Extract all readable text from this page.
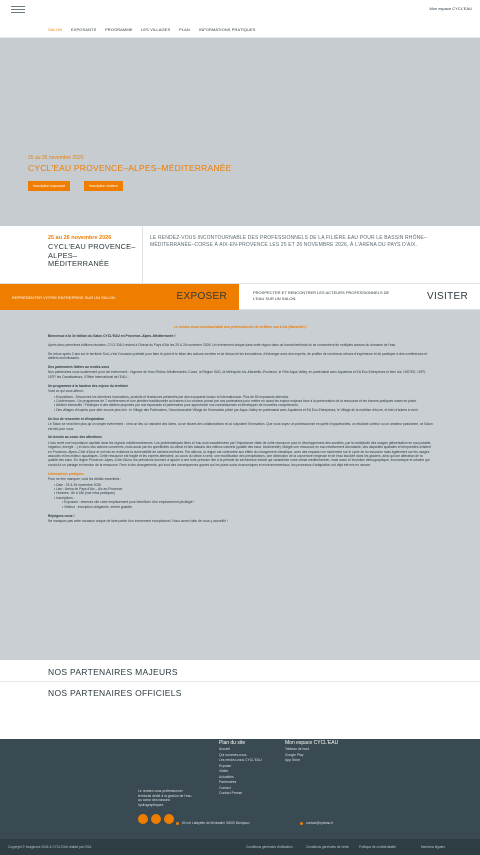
Mon espace CYCL'EAU
SALON EXPOSANTS PROGRAMME LES VILLAGES PLAN INFORMATIONS PRATIQUES
25 au 26 novembre 2026
CYCL'EAU PROVENCE–ALPES–MÉDITERRANÉE
Inscription exposant	Inscription visiteur
25 au 26 novembre 2026
CYCL'EAU PROVENCE–ALPES–MÉDITERRANÉE
LE RENDEZ-VOUS INCONTOURNABLE DES PROFESSIONNELS DE LA FILIÈRE EAU POUR LE BASSIN RHÔNE–MÉDITERRANÉE–CORSE À AIX-EN-PROVENCE LES 25 ET 26 NOVEMBRE 2026, À L'ARÉNA DU PAYS D'AIX.
REPRÉSENTER VOTRE ENTREPRISE SUR UN SALON.	EXPOSER	PROSPECTER ET RENCONTRER LES ACTEURS PROFESSIONNELS DE L'EAU SUR UN SALON.	VISITER

Le rendez-vous incontournable des professionnels de la filière eau à Aix (Marseille) !

Bienvenue à la 3e édition du Salon CYCL'EAU en Provence–Alpes–Méditerranée !

Après deux premières éditions réussies, CYCL'EAU revient à l'Aréna du Pays d'Aix les 25 & 26 novembre 2026. Un événement unique dans cette région dans un format territorial où se concentrent de multiples acteurs du domaine de l'eau.

De retour après 2 ans sur le territoire Sud, c'est l'occasion parfaite pour faire le point et le bilan des actions menées et de découvrir les innovations, d'échanger avec des experts, de profiter de nombreux retours d'expérience et de participer à des conférences et ateliers enrichissants.

Des partenaires fidèles au rendez-vous

Nos partenaires nous soutiennent pour cet événement : l'agence de l'eau Rhône–Méditerranée–Corse, la Région SUD, la Métropole Aix–Marseille–Provence, le Pôle Aqua-Valley, en partenariat avec Aquaterra et EA Eco-Entreprises et bien sûr, l'ASTEE, l'ATR, l'ATP, les Canalisateurs, l'Office International de l'EAU…

Un programme à la hauteur des enjeux du territoire

Voici ce qui vous attend :

• Expositions : Découvrez les dernières innovations, produits et tendances présentés par des exposants locaux et internationaux. Plus de 80 exposants attendus.
• Conférences : Un programme de 7 conférences et une plénière traditionnelle au travers d'un contenu pensé par nos partenaires pour mettre en avant les enjeux majeurs face à la préservation de la ressource et les bonnes pratiques mises en place.
• Ateliers interactifs : Participez à des ateliers proposés par nos exposants et partenaires pour approfondir vos connaissances et développer de nouvelles compétences.
• Des villages d'experts pour aller encore plus loin : le Village des Partenaires, l'incontournable Village de l'innovation piloté par Aqua–Valley en partenariat avec Aquaterra et EA Eco-Entreprises, le Village de la maîtrise d'éuvre, et bien d'autres à venir.

Un lieu de rencontre et d'inspiration

Le Salon se veut bien plus qu'un simple événement : c'est un lieu où naissent des idées, où se tissent des collaborations et où s'ajoutent l'innovation. Que vous soyez un professionnel en quête d'opportunités, un étudiant curieux ou un amateur passionné, ce Salon est fait pour vous.

Un besoin au coeur des attentions

L'eau revet une importance capitale dans les régions méditerranéennes. Les problématiques liées à l'eau sont caractérisées par l'importance vitale de cette ressource pour le développement des sociétés, par la multiplicité des usages (alimentation en eau potable, irrigation, énergie…) et donc des acteurs concernés, mais aussi par les spécificités du climat et des bassins des milieux naturels (qualité des eaux, biodiversité). Malgré une ressource en eau relativement abondante, des disparités spatiales et temporelles existent en Provence–Alpes–Côte d'Azur et ont mis en évidence la vulnérabilité de certains territoires. Par ailleurs, la région est confrontée aux effets du changement climatique, avec des impacts non seulement sur le cycle de la ressource mais également sur les usages associés et les milieux aquatiques. Cette ressource est fragile et les experts attendent, au cours du siècle à venir, une modification des précipitations, une diminution de la couverture neigeuse et de l'eau stockée dans les glaciers, ainsi qu'une altération de la qualité des eaux. En région Provence–Alpes–Côte d'Azur, les prévisions donnent à ajouter à une forte pression liée à la période de sécheresse estival qui caractérise notre climat méditerranéen, mais aussi à l'évolution démographique, économique et urbaine qui conduit à un partage en tension de la ressource. Face à des changements, qui sont des conséquences graves sur les plans socio-économiques et environnementaux, les processus d'adaptation ont déjà été mis en oeuvre.

Informations pratiques

Pour ne rien manquer, voici les détails essentiels :

• Date : 25 & 26 novembre 2026
• Lieu : Aréna du Pays d'Aix – Aix-en-Provence
• Horaires : 8h à 18h (voir infos pratiques)
• Inscriptions :
• Exposant : réservez vite votre emplacement pour bénéficier d'un emplacement privilégié !
• Visiteur : inscription obligatoire, entrée gratuite.

Rejoignez-nous !

Ne manquez pas cette occasion unique de faire partie d'un événement exceptionnel. Nous avons hâte de vous y accueillir !

NOS PARTENAIRES MAJEURS
NOS PARTENAIRES OFFICIELS
Le rendez-vous professionnel territorial dédié à la gestion de l'eau au coeur des bassins hydrographiques
Plan du site
Accueil
Qui sommes-nous
Les rendez-vous CYCL'EAU
Exposer
Visiter
Actualités
Partenaires
Contact
Contact Presse
Mon espace CYCL'EAU
Tableau de bord
Google Play
App Store
60 rue Lafayette de Montsalier 30000 Montpaux	contact@cycleau.fr
Copyright © Imaginove 2026 & CYCL'EAU réalisé par OSA	Conditions générales d'utilisation	Conditions générales de vente	Politique de confidentialité	Mentions légales
